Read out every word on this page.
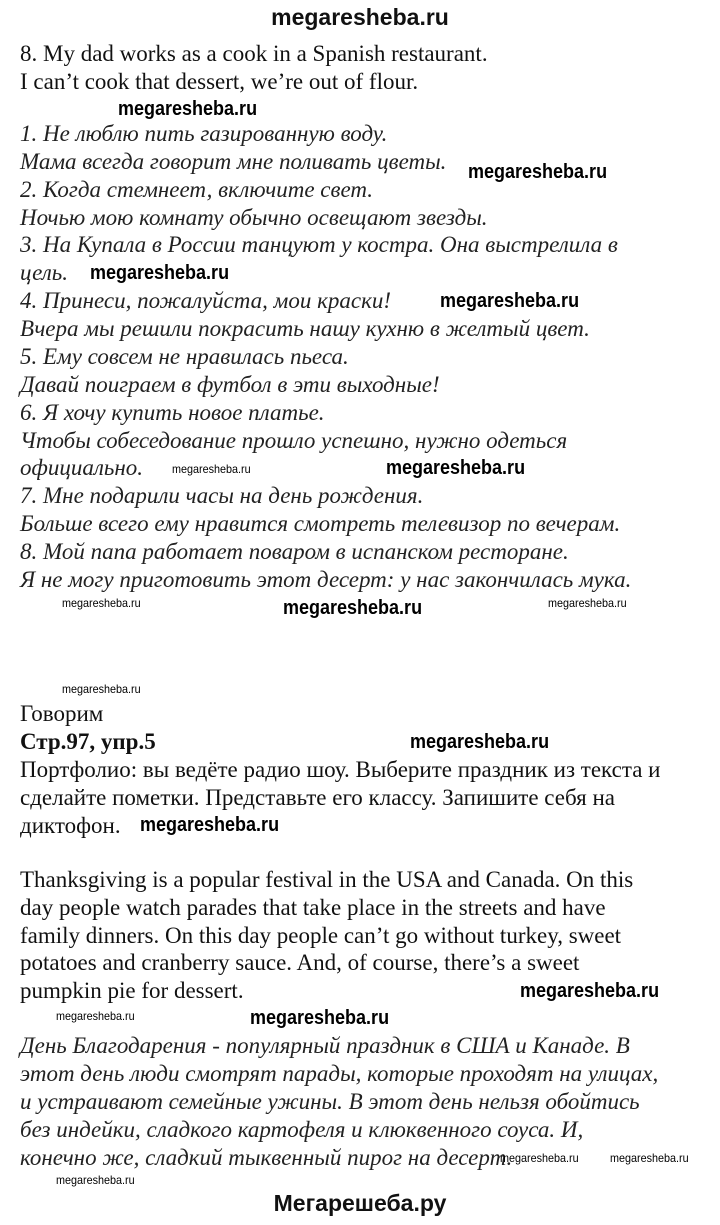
megaresheba.ru
8. My dad works as a cook in a Spanish restaurant.
I can’t cook that dessert, we’re out of flour.
1. Не люблю пить газированную воду.
Мама всегда говорит мне поливать цветы.
2. Когда стемнеет, включите свет.
Ночью мою комнату обычно освещают звезды.
3. На Купала в России танцуют у костра. Она выстрелила в
цель.
4. Принеси, пожалуйста, мои краски!
Вчера мы решили покрасить нашу кухню в желтый цвет.
5. Ему совсем не нравилась пьеса.
Давай поиграем в футбол в эти выходные!
6. Я хочу купить новое платье.
Чтобы собеседование прошло успешно, нужно одеться
официально.
7. Мне подарили часы на день рождения.
Больше всего ему нравится смотреть телевизор по вечерам.
8. Мой папа работает поваром в испанском ресторане.
Я не могу приготовить этот десерт: у нас закончилась мука.
Говорим
Стр.97, упр.5
Портфолио: вы ведёте радио шоу. Выберите праздник из текста и
сделайте пометки. Представьте его классу. Запишите себя на
диктофон.
Thanksgiving is a popular festival in the USA and Canada. On this
day people watch parades that take place in the streets and have
family dinners. On this day people can’t go without turkey, sweet
potatoes and cranberry sauce. And, of course, there’s a sweet
pumpkin pie for dessert.
День Благодарения - популярный праздник в США и Канаде. В
этот день люди смотрят парады, которые проходят на улицах,
и устраивают семейные ужины. В этот день нельзя обойтись
без индейки, сладкого картофеля и клюквенного соуса. И,
конечно же, сладкий тыквенный пирог на десерт.
megaresheba.ru
megaresheba.ru
megaresheba.ru
megaresheba.ru
megaresheba.ru	megaresheba.ru
megaresheba.ru	megaresheba.ru	megaresheba.ru
megaresheba.ru
megaresheba.ru
megaresheba.ru
megaresheba.ru
megaresheba.ru	megaresheba.ru
megaresheba.ru
megaresheba.ru	megaresheba.ru
Мегарешеба.ру
